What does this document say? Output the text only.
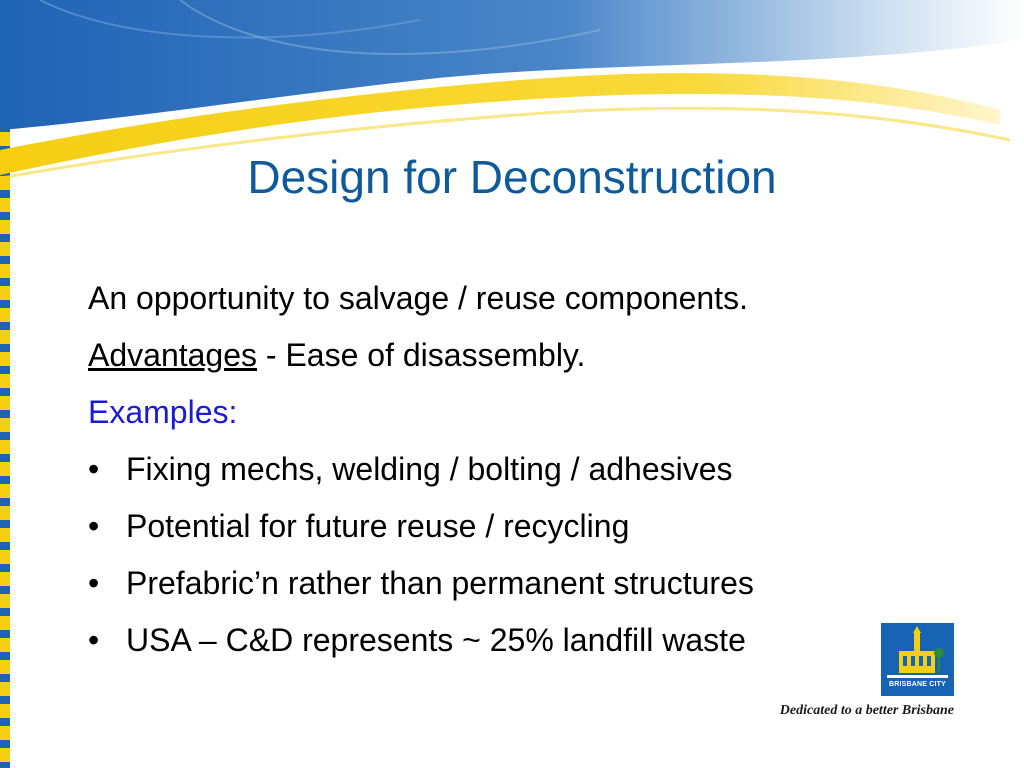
Design for Deconstruction

An opportunity to salvage / reuse components.

Advantages - Ease of disassembly.

Examples:

• Fixing mechs, welding / bolting / adhesives

• Potential for future reuse / recycling

• Prefabric’n rather than permanent structures

• USA – C&D represents ~ 25% landfill waste

BRISBANE CITY
Dedicated to a better Brisbane
